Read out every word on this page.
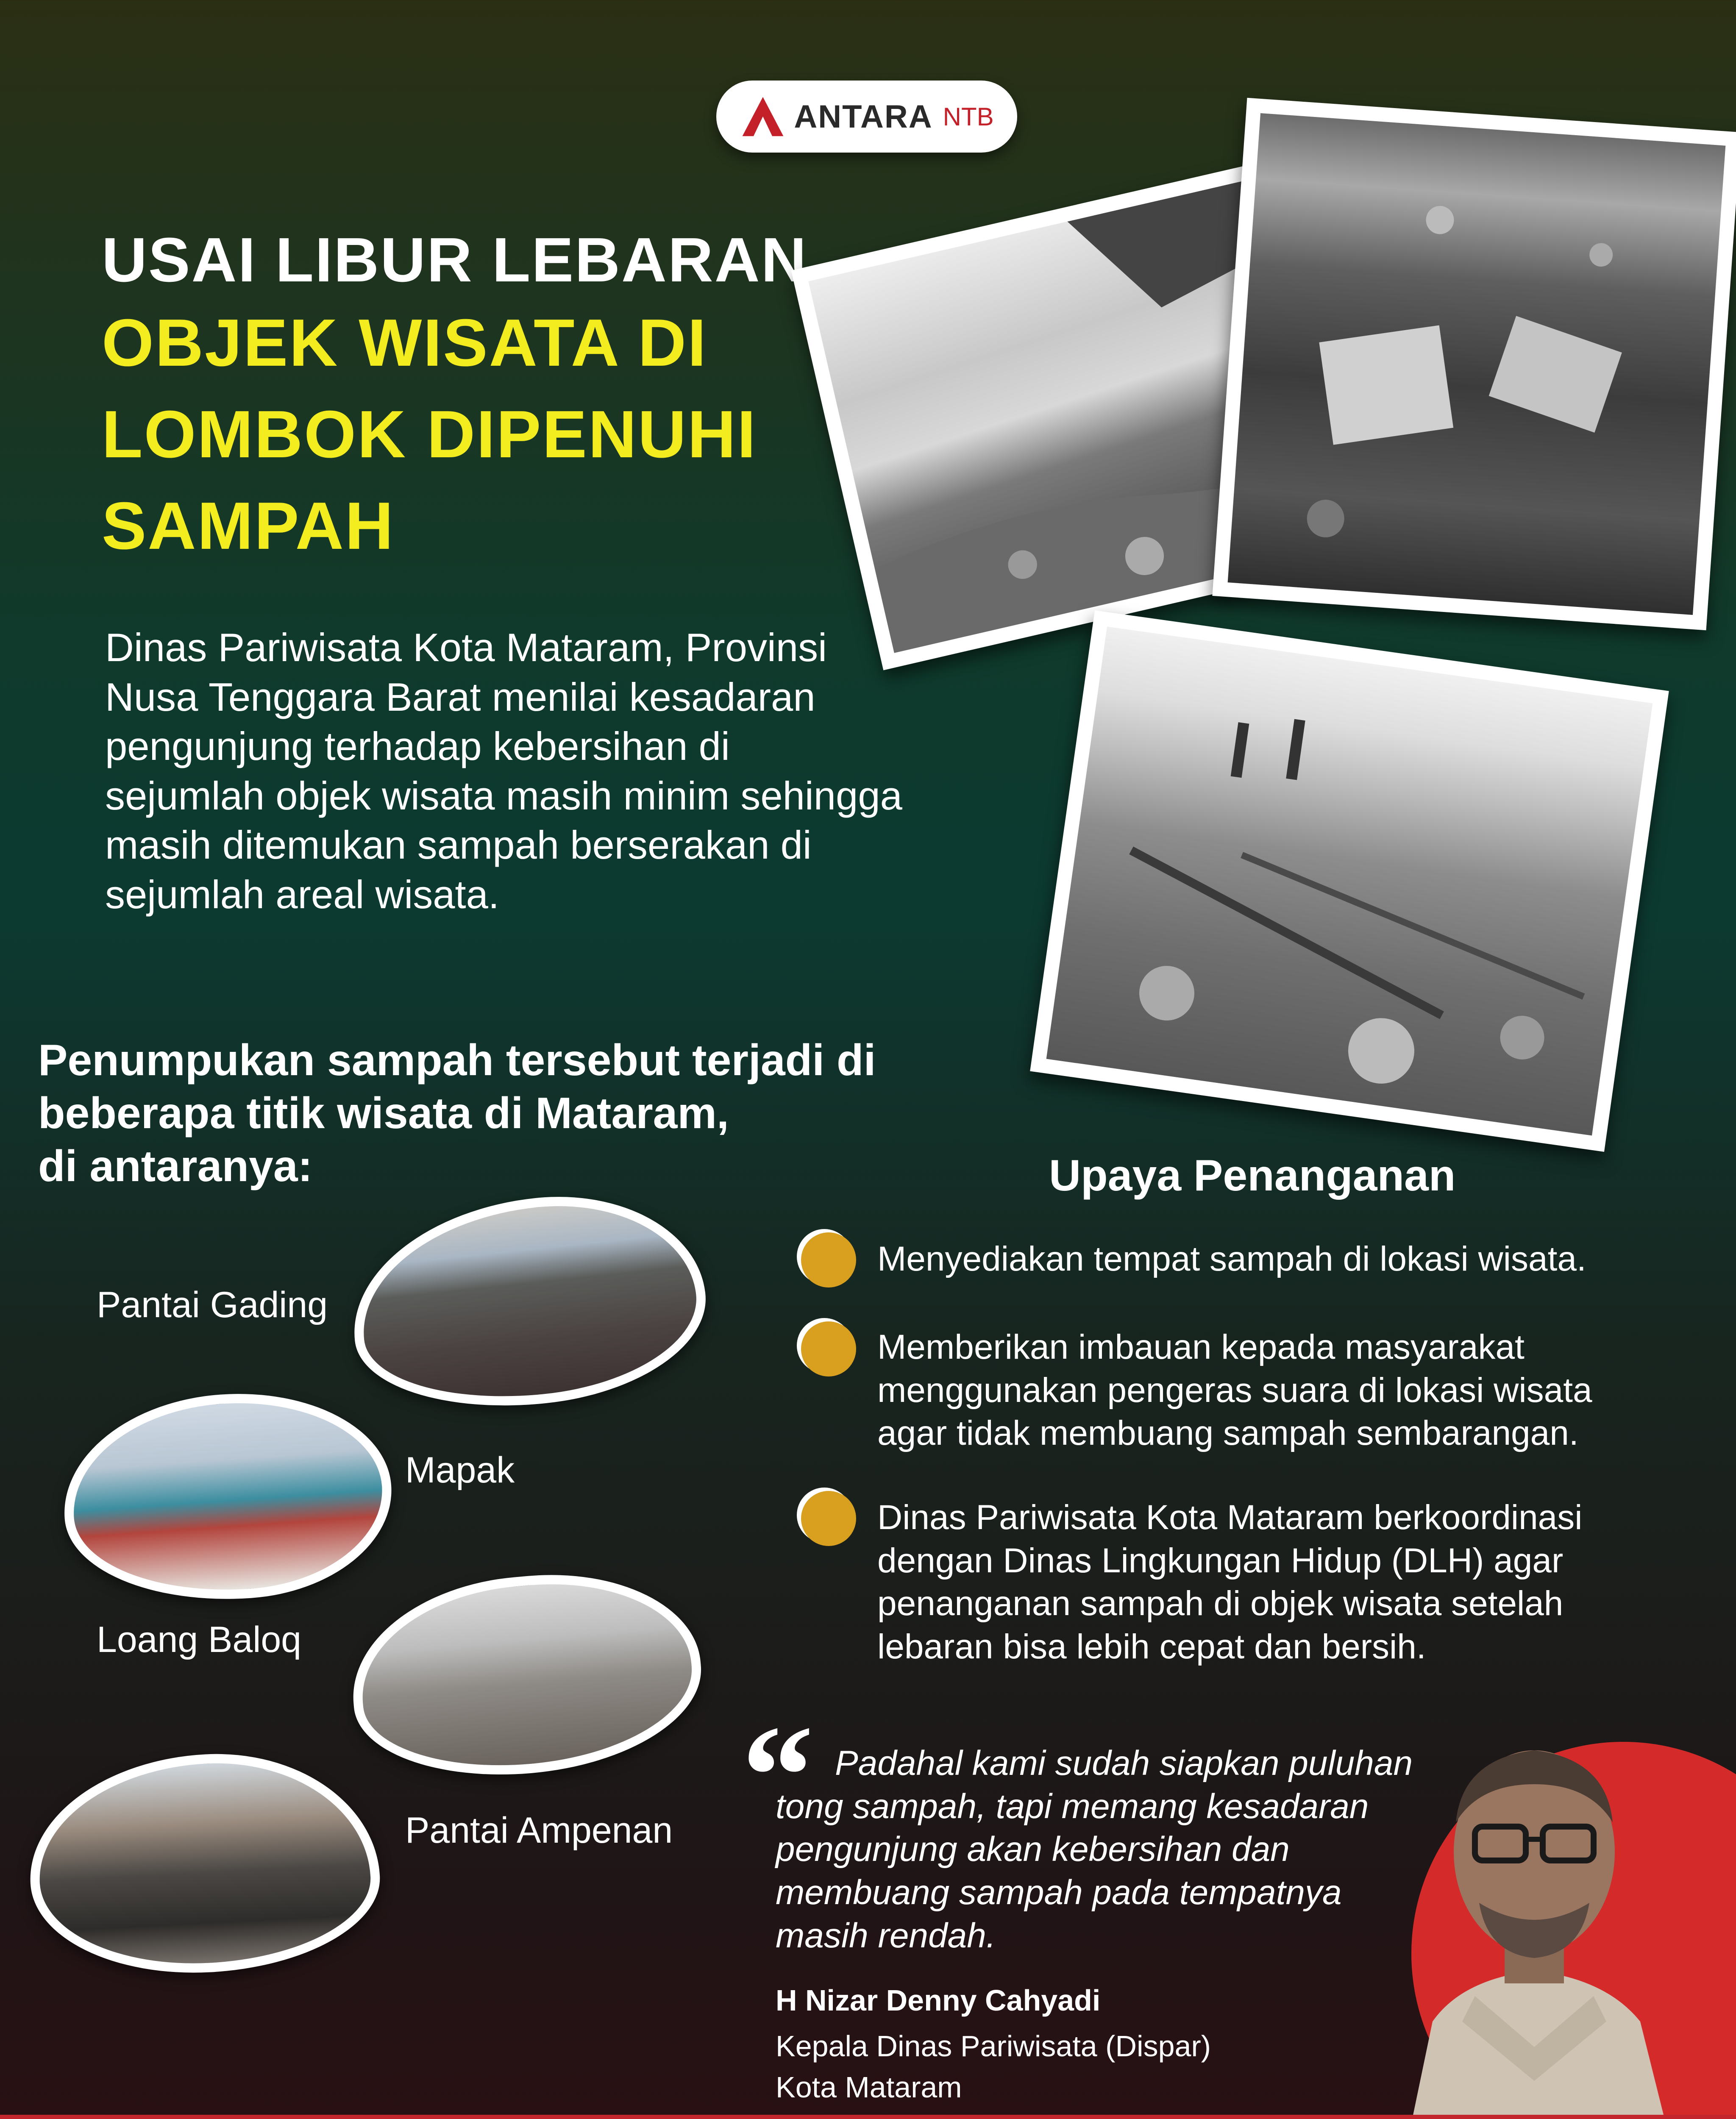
ANTARA NTB
USAI LIBUR LEBARAN
OBJEK WISATA DI
LOMBOK DIPENUHI
SAMPAH
Dinas Pariwisata Kota Mataram, Provinsi
Nusa Tenggara Barat menilai kesadaran
pengunjung terhadap kebersihan di
sejumlah objek wisata masih minim sehingga
masih ditemukan sampah berserakan di
sejumlah areal wisata.
Penumpukan sampah tersebut terjadi di
beberapa titik wisata di Mataram,
di antaranya:
Pantai Gading
Mapak
Loang Baloq
Pantai Ampenan
Upaya Penanganan
Menyediakan tempat sampah di lokasi wisata.
Memberikan imbauan kepada masyarakat
menggunakan pengeras suara di lokasi wisata
agar tidak membuang sampah sembarangan.
Dinas Pariwisata Kota Mataram berkoordinasi
dengan Dinas Lingkungan Hidup (DLH) agar
penanganan sampah di objek wisata setelah
lebaran bisa lebih cepat dan bersih.
“ Padahal kami sudah siapkan puluhan
tong sampah, tapi memang kesadaran
pengunjung akan kebersihan dan
membuang sampah pada tempatnya
masih rendah.
H Nizar Denny Cahyadi
Kepala Dinas Pariwisata (Dispar)
Kota Mataram
